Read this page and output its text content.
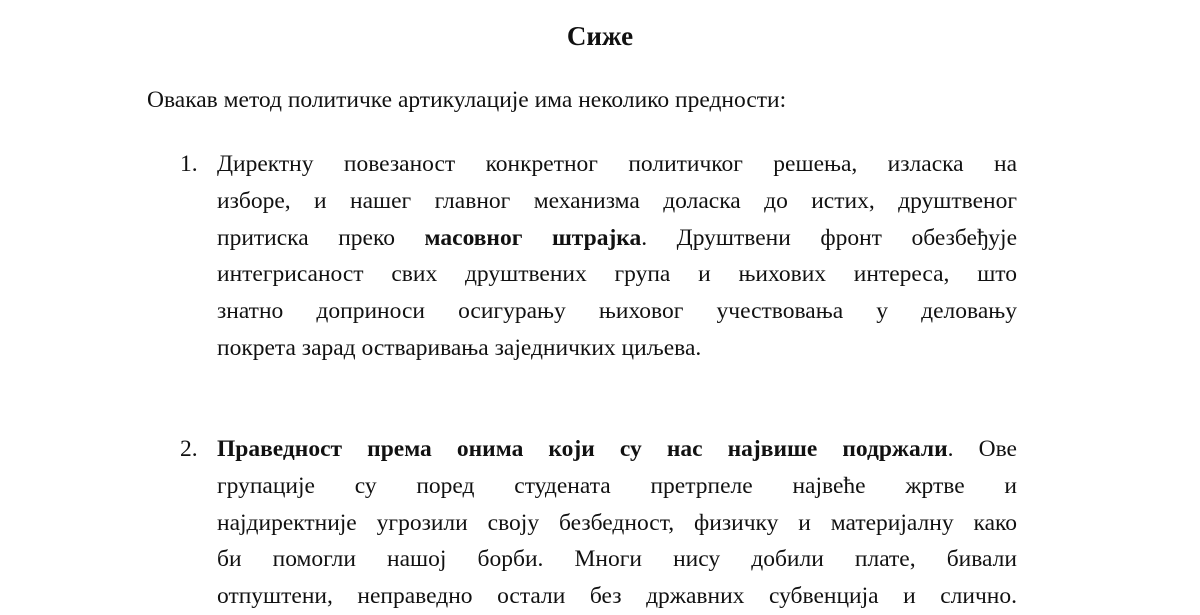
Сиже

Овакав метод политичке артикулације има неколико предности:

1. Директну повезаност конкретног политичког решења, изласка на
изборе, и нашег главног механизма доласка до истих, друштвеног
притиска преко масовног штрајка. Друштвени фронт обезбеђује
интегрисаност свих друштвених група и њихових интереса, што
знатно доприноси осигурању њиховог учествовања у деловању
покрета зарад остваривања заједничких циљева.
2. Праведност према онима који су нас највише подржали. Ове
групације су поред студената претрпеле највеће жртве и
најдиректније угрозили своју безбедност, физичку и материјалну како
би помогли нашој борби. Многи нису добили плате, бивали
отпуштени, неправедно остали без државних субвенција и слично.
